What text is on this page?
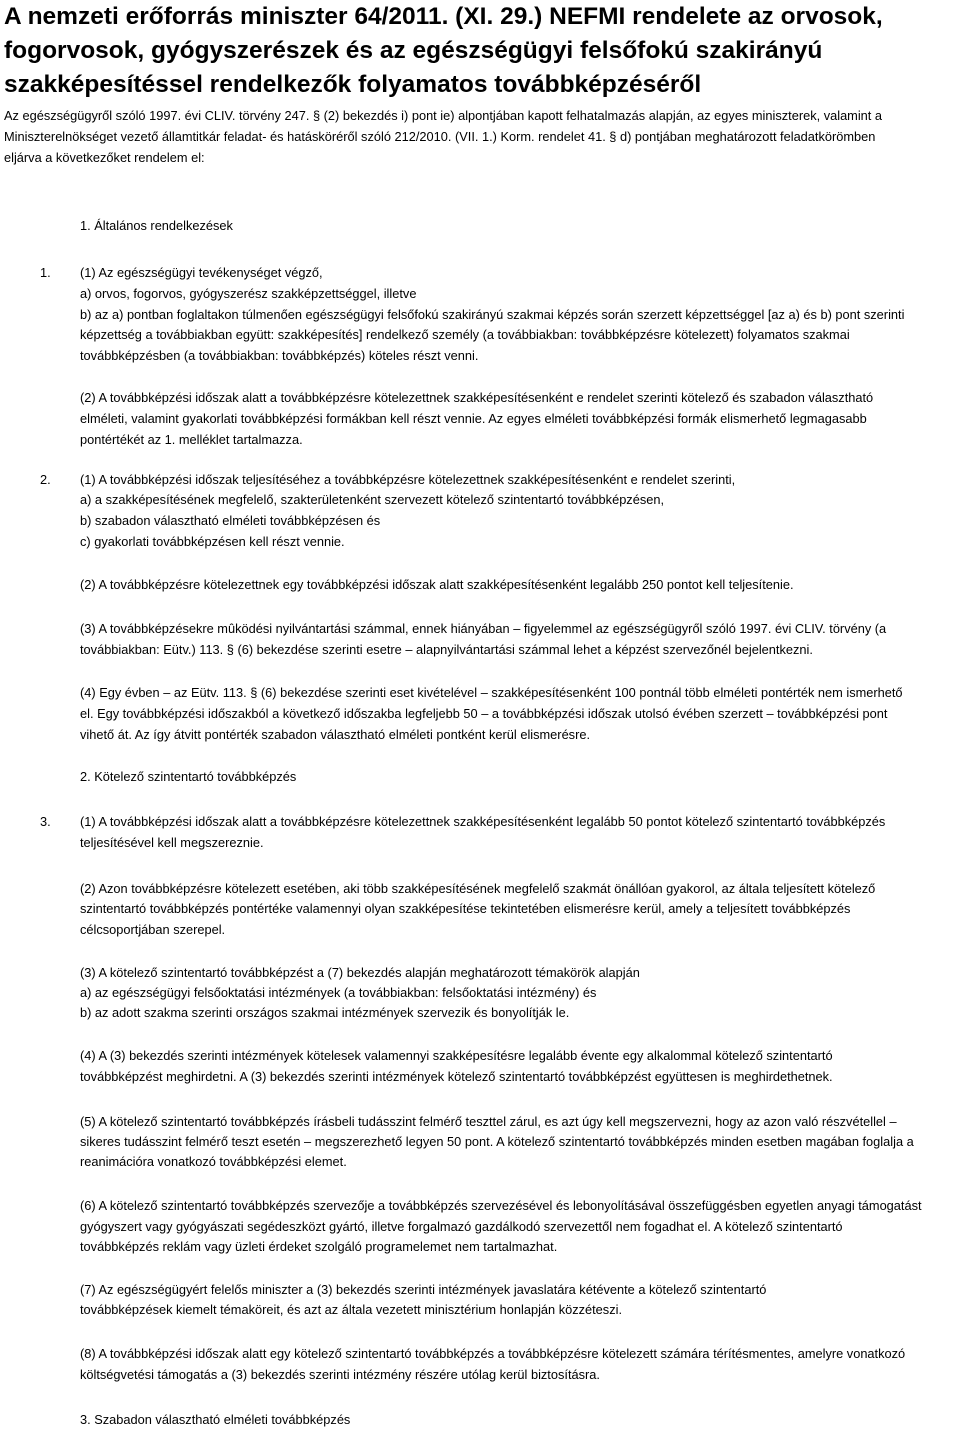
A nemzeti erőforrás miniszter 64/2011. (XI. 29.) NEFMI rendelete az orvosok,
fogorvosok, gyógyszerészek és az egészségügyi felsőfokú szakirányú
szakképesítéssel rendelkezők folyamatos továbbképzéséről
Az egészségügyről szóló 1997. évi CLIV. törvény 247. § (2) bekezdés i) pont ie) alpontjában kapott felhatalmazás alapján, az egyes miniszterek, valamint a
Miniszterelnökséget vezető államtitkár feladat- és hatásköréről szóló 212/2010. (VII. 1.) Korm. rendelet 41. § d) pontjában meghatározott feladatkörömben
eljárva a következőket rendelem el:
1. Általános rendelkezések
1. (1) Az egészségügyi tevékenységet végző,
a) orvos, fogorvos, gyógyszerész szakképzettséggel, illetve
b) az a) pontban foglaltakon túlmenően egészségügyi felsőfokú szakirányú szakmai képzés során szerzett képzettséggel [az a) és b) pont szerinti
képzettség a továbbiakban együtt: szakképesítés] rendelkező személy (a továbbiakban: továbbképzésre kötelezett) folyamatos szakmai
továbbképzésben (a továbbiakban: továbbképzés) köteles részt venni.
(2) A továbbképzési időszak alatt a továbbképzésre kötelezettnek szakképesítésenként e rendelet szerinti kötelező és szabadon választható
elméleti, valamint gyakorlati továbbképzési formákban kell részt vennie. Az egyes elméleti továbbképzési formák elismerhető legmagasabb
pontértékét az 1. melléklet tartalmazza.
2. (1) A továbbképzési időszak teljesítéséhez a továbbképzésre kötelezettnek szakképesítésenként e rendelet szerinti,
a) a szakképesítésének megfelelő, szakterületenként szervezett kötelező szintentartó továbbképzésen,
b) szabadon választható elméleti továbbképzésen és
c) gyakorlati továbbképzésen kell részt vennie.
(2) A továbbképzésre kötelezettnek egy továbbképzési időszak alatt szakképesítésenként legalább 250 pontot kell teljesítenie.
(3) A továbbképzésekre mûködési nyilvántartási számmal, ennek hiányában – figyelemmel az egészségügyről szóló 1997. évi CLIV. törvény (a
továbbiakban: Eütv.) 113. § (6) bekezdése szerinti esetre – alapnyilvántartási számmal lehet a képzést szervezőnél bejelentkezni.
(4) Egy évben – az Eütv. 113. § (6) bekezdése szerinti eset kivételével – szakképesítésenként 100 pontnál több elméleti pontérték nem ismerhető
el. Egy továbbképzési időszakból a következő időszakba legfeljebb 50 – a továbbképzési időszak utolsó évében szerzett – továbbképzési pont
vihető át. Az így átvitt pontérték szabadon választható elméleti pontként kerül elismerésre.
2. Kötelező szintentartó továbbképzés
3. (1) A továbbképzési időszak alatt a továbbképzésre kötelezettnek szakképesítésenként legalább 50 pontot kötelező szintentartó továbbképzés
teljesítésével kell megszereznie.
(2) Azon továbbképzésre kötelezett esetében, aki több szakképesítésének megfelelő szakmát önállóan gyakorol, az általa teljesített kötelező
szintentartó továbbképzés pontértéke valamennyi olyan szakképesítése tekintetében elismerésre kerül, amely a teljesített továbbképzés
célcsoportjában szerepel.
(3) A kötelező szintentartó továbbképzést a (7) bekezdés alapján meghatározott témakörök alapján
a) az egészségügyi felsőoktatási intézmények (a továbbiakban: felsőoktatási intézmény) és
b) az adott szakma szerinti országos szakmai intézmények szervezik és bonyolítják le.
(4) A (3) bekezdés szerinti intézmények kötelesek valamennyi szakképesítésre legalább évente egy alkalommal kötelező szintentartó
továbbképzést meghirdetni. A (3) bekezdés szerinti intézmények kötelező szintentartó továbbképzést együttesen is meghirdethetnek.
(5) A kötelező szintentartó továbbképzés írásbeli tudásszint felmérő teszttel zárul, es azt úgy kell megszervezni, hogy az azon való részvétellel –
sikeres tudásszint felmérő teszt esetén – megszerezhető legyen 50 pont. A kötelező szintentartó továbbképzés minden esetben magában foglalja a
reanimációra vonatkozó továbbképzési elemet.
(6) A kötelező szintentartó továbbképzés szervezője a továbbképzés szervezésével és lebonyolításával összefüggésben egyetlen anyagi támogatást
gyógyszert vagy gyógyászati segédeszközt gyártó, illetve forgalmazó gazdálkodó szervezettől nem fogadhat el. A kötelező szintentartó
továbbképzés reklám vagy üzleti érdeket szolgáló programelemet nem tartalmazhat.
(7) Az egészségügyért felelős miniszter a (3) bekezdés szerinti intézmények javaslatára kétévente a kötelező szintentartó
továbbképzések kiemelt témaköreit, és azt az általa vezetett minisztérium honlapján közzéteszi.
(8) A továbbképzési időszak alatt egy kötelező szintentartó továbbképzés a továbbképzésre kötelezett számára térítésmentes, amelyre vonatkozó
költségvetési támogatás a (3) bekezdés szerinti intézmény részére utólag kerül biztosításra.
3. Szabadon választható elméleti továbbképzés
